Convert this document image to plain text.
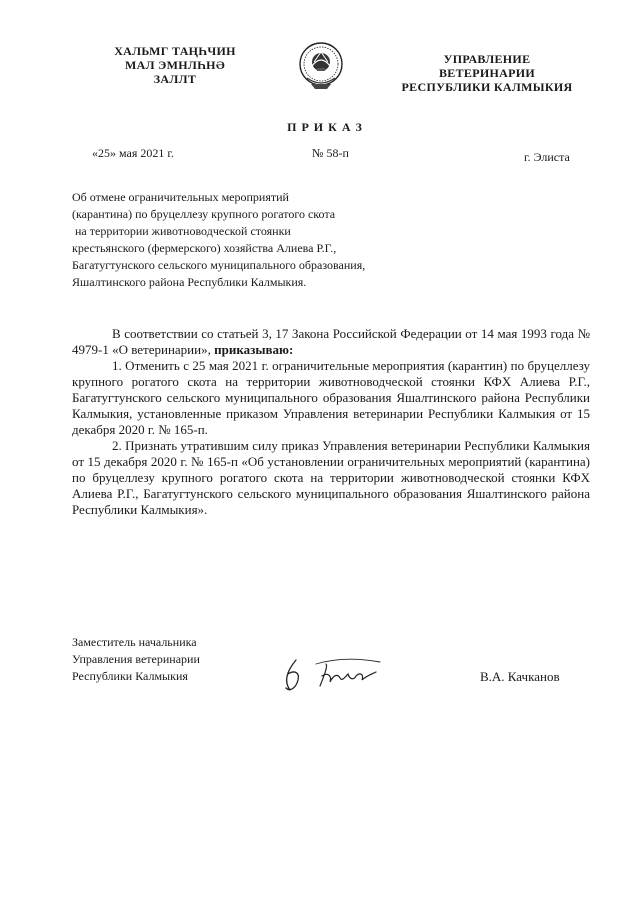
ХАЛЬМГ ТАҢҺЧИН
МАЛ ЭМНЛҺНӘ
ЗАЛЛТ
УПРАВЛЕНИЕ
ВЕТЕРИНАРИИ
РЕСПУБЛИКИ КАЛМЫКИЯ
П Р И К А З
«25» мая 2021 г.	№ 58-п	г. Элиста
Об отмене ограничительных мероприятий
(карантина) по бруцеллезу крупного рогатого скота
на территории животноводческой стоянки
крестьянского (фермерского) хозяйства Алиева Р.Г.,
Багатугтунского сельского муниципального образования,
Яшалтинского района Республики Калмыкия.
В соответствии со статьей 3, 17 Закона Российской Федерации от 14 мая 1993 года № 4979-1 «О ветеринарии», приказываю:
1. Отменить с 25 мая 2021 г. ограничительные мероприятия (карантин) по бруцеллезу крупного рогатого скота на территории животноводческой стоянки КФХ Алиева Р.Г., Багатугтунского сельского муниципального образования Яшалтинского района Республики Калмыкия, установленные приказом Управления ветеринарии Республики Калмыкия от 15 декабря 2020 г. № 165-п.
2. Признать утратившим силу приказ Управления ветеринарии Республики Калмыкия от 15 декабря 2020 г. № 165-п «Об установлении ограничительных мероприятий (карантина) по бруцеллезу крупного рогатого скота на территории животноводческой стоянки КФХ Алиева Р.Г., Багатугтунского сельского муниципального образования Яшалтинского района Республики Калмыкия».
Заместитель начальника
Управления ветеринарии
Республики Калмыкия	В.А. Качканов
